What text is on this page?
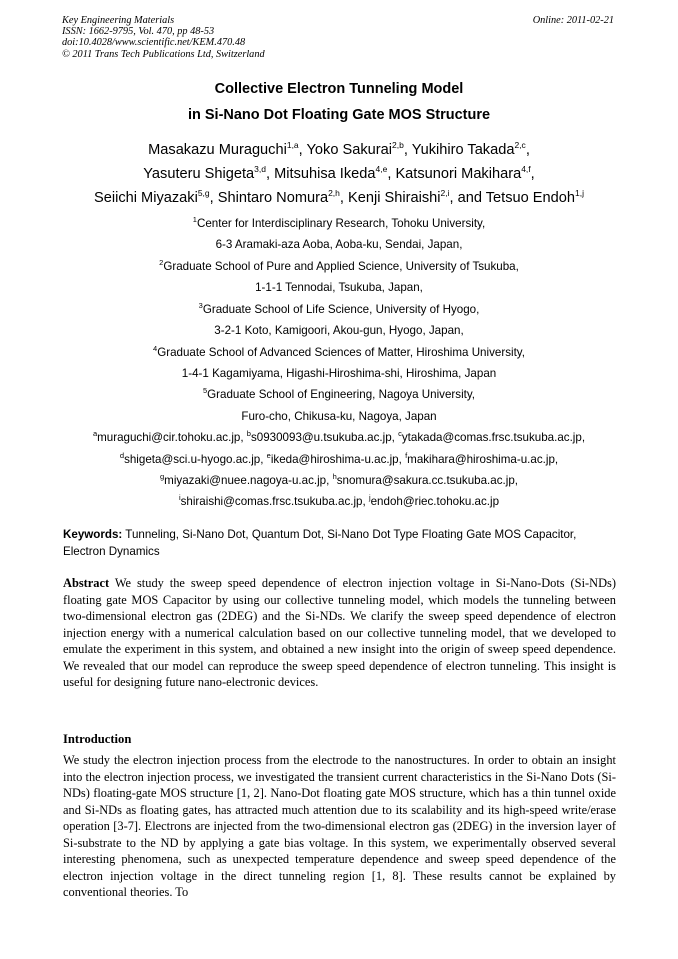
Key Engineering Materials
ISSN: 1662-9795, Vol. 470, pp 48-53
doi:10.4028/www.scientific.net/KEM.470.48
© 2011 Trans Tech Publications Ltd, Switzerland
Online: 2011-02-21
Collective Electron Tunneling Model
in Si-Nano Dot Floating Gate MOS Structure
Masakazu Muraguchi$^{1,a}$, Yoko Sakurai$^{2,b}$, Yukihiro Takada$^{2,c}$,
Yasuteru Shigeta$^{3,d}$, Mitsuhisa Ikeda$^{4,e}$, Katsunori Makihara$^{4,f}$,
Seiichi Miyazaki$^{5,g}$, Shintaro Nomura$^{2,h}$, Kenji Shiraishi$^{2,i}$, and Tetsuo Endoh$^{1,j}$
$^1$Center for Interdisciplinary Research, Tohoku University,
6-3 Aramaki-aza Aoba, Aoba-ku, Sendai, Japan,
$^2$Graduate School of Pure and Applied Science, University of Tsukuba,
1-1-1 Tennodai, Tsukuba, Japan,
$^3$Graduate School of Life Science, University of Hyogo,
3-2-1 Koto, Kamigoori, Akou-gun, Hyogo, Japan,
$^4$Graduate School of Advanced Sciences of Matter, Hiroshima University,
1-4-1 Kagamiyama, Higashi-Hiroshima-shi, Hiroshima, Japan
$^5$Graduate School of Engineering, Nagoya University,
Furo-cho, Chikusa-ku, Nagoya, Japan
$^a$muraguchi@cir.tohoku.ac.jp, $^b$s0930093@u.tsukuba.ac.jp, $^c$ytakada@comas.frsc.tsukuba.ac.jp,
$^d$shigeta@sci.u-hyogo.ac.jp, $^e$ikeda@hiroshima-u.ac.jp, $^f$makihara@hiroshima-u.ac.jp,
$^g$miyazaki@nuee.nagoya-u.ac.jp, $^h$snomura@sakura.cc.tsukuba.ac.jp,
$^i$shiraishi@comas.frsc.tsukuba.ac.jp, $^j$endoh@riec.tohoku.ac.jp
Keywords: Tunneling, Si-Nano Dot, Quantum Dot, Si-Nano Dot Type Floating Gate MOS Capacitor, Electron Dynamics
Abstract We study the sweep speed dependence of electron injection voltage in Si-Nano-Dots (Si-NDs) floating gate MOS Capacitor by using our collective tunneling model, which models the tunneling between two-dimensional electron gas (2DEG) and the Si-NDs. We clarify the sweep speed dependence of electron injection energy with a numerical calculation based on our collective tunneling model, that we developed to emulate the experiment in this system, and obtained a new insight into the origin of sweep speed dependence. We revealed that our model can reproduce the sweep speed dependence of electron tunneling. This insight is useful for designing future nano-electronic devices.
Introduction
We study the electron injection process from the electrode to the nanostructures. In order to obtain an insight into the electron injection process, we investigated the transient current characteristics in the Si-Nano Dots (Si-NDs) floating-gate MOS structure [1, 2]. Nano-Dot floating gate MOS structure, which has a thin tunnel oxide and Si-NDs as floating gates, has attracted much attention due to its scalability and its high-speed write/erase operation [3-7]. Electrons are injected from the two-dimensional electron gas (2DEG) in the inversion layer of Si-substrate to the ND by applying a gate bias voltage. In this system, we experimentally observed several interesting phenomena, such as unexpected temperature dependence and sweep speed dependence of the electron injection voltage in the direct tunneling region [1, 8]. These results cannot be explained by conventional theories. To
